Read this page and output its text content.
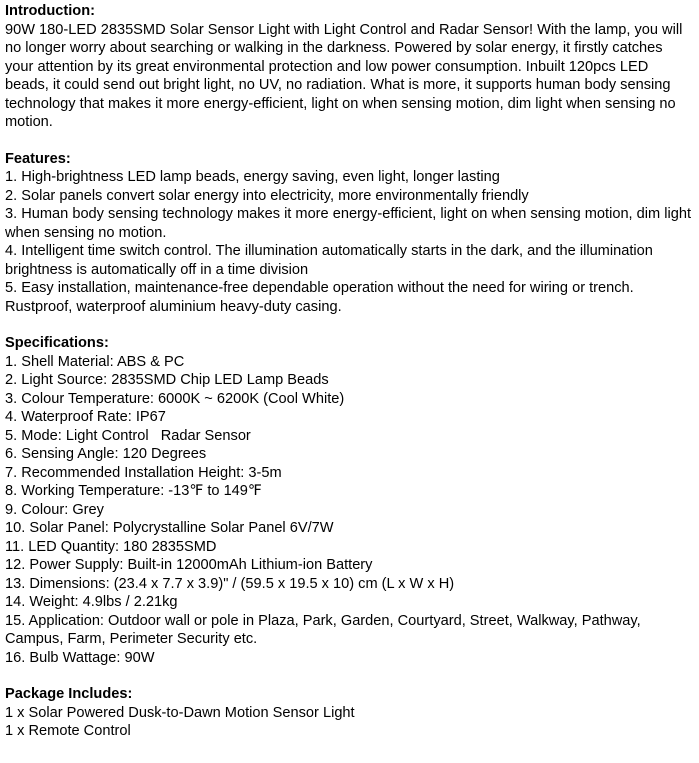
Introduction:

90W 180-LED 2835SMD Solar Sensor Light with Light Control and Radar Sensor! With the lamp, you will no longer worry about searching or walking in the darkness. Powered by solar energy, it firstly catches your attention by its great environmental protection and low power consumption. Inbuilt 120pcs LED beads, it could send out bright light, no UV, no radiation. What is more, it supports human body sensing technology that makes it more energy-efficient, light on when sensing motion, dim light when sensing no motion.

Features:
1. High-brightness LED lamp beads, energy saving, even light, longer lasting
2. Solar panels convert solar energy into electricity, more environmentally friendly
3. Human body sensing technology makes it more energy-efficient, light on when sensing motion, dim light when sensing no motion.
4. Intelligent time switch control. The illumination automatically starts in the dark, and the illumination brightness is automatically off in a time division
5. Easy installation, maintenance-free dependable operation without the need for wiring or trench. Rustproof, waterproof aluminium heavy-duty casing.
Specifications:
1. Shell Material: ABS & PC
2. Light Source: 2835SMD Chip LED Lamp Beads
3. Colour Temperature: 6000K ~ 6200K (Cool White)
4. Waterproof Rate: IP67
5. Mode: Light Control   Radar Sensor
6. Sensing Angle: 120 Degrees
7. Recommended Installation Height: 3-5m
8. Working Temperature: -13℉ to 149℉
9. Colour: Grey
10. Solar Panel: Polycrystalline Solar Panel 6V/7W
11. LED Quantity: 180 2835SMD
12. Power Supply: Built-in 12000mAh Lithium-ion Battery
13. Dimensions: (23.4 x 7.7 x 3.9)" / (59.5 x 19.5 x 10) cm (L x W x H)
14. Weight: 4.9lbs / 2.21kg
15. Application: Outdoor wall or pole in Plaza, Park, Garden, Courtyard, Street, Walkway, Pathway, Campus, Farm, Perimeter Security etc.
16. Bulb Wattage: 90W
Package Includes:
1 x Solar Powered Dusk-to-Dawn Motion Sensor Light
1 x Remote Control
